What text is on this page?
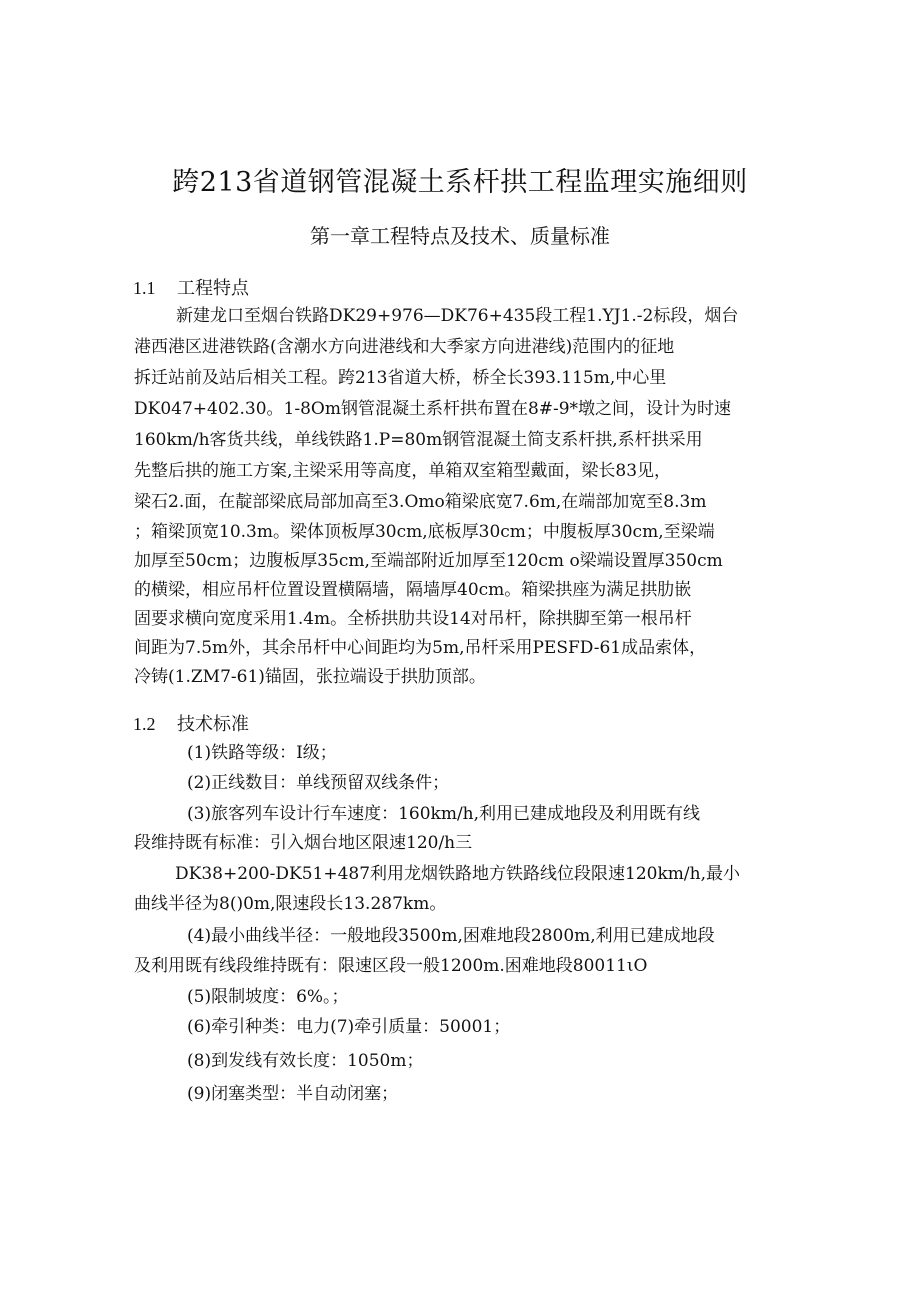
跨213省道钢管混凝土系杆拱工程监理实施细则
第一章工程特点及技术、质量标准
1.1 工程特点
新建龙口至烟台铁路DK29+976—DK76+435段工程1.YJ1.-2标段，烟台
港西港区进港铁路(含潮水方向进港线和大季家方向进港线)范围内的征地
拆迁站前及站后相关工程。跨213省道大桥，桥全长393.115m,中心里
DK047+402.30。1-8Om钢管混凝土系杆拱布置在8#-9*墩之间，设计为时速
160km∕h客货共线，单线铁路1.P=80m钢管混凝土简支系杆拱,系杆拱采用
先整后拱的施工方案,主梁采用等高度，单箱双室箱型戴面，梁长83见，
梁石2.面，在靛部梁底局部加高至3.Omo箱梁底宽7.6m,在端部加宽至8.3m
；箱梁顶宽10.3m。梁体顶板厚30cm,底板厚30cm；中腹板厚30cm,至梁端
加厚至50cm；边腹板厚35cm,至端部附近加厚至120cm o梁端设置厚350cm
的横梁，相应吊杆位置设置横隔墙，隔墙厚40cm。箱梁拱座为满足拱肋嵌
固要求横向宽度采用1.4m。全桥拱肋共设14对吊杆，除拱脚至第一根吊杆
间距为7.5m外，其余吊杆中心间距均为5m,吊杆采用PESFD-61成品索体，
冷铸(1.ZM7-61)锚固，张拉端设于拱肋顶部。
1.2 技术标准
(1)铁路等级：I级；
(2)正线数目：单线预留双线条件；
(3)旅客列车设计行车速度：160km∕h,利用已建成地段及利用既有线
段维持既有标准：引入烟台地区限速120∕h三
DK38+200-DK51+487利用龙烟铁路地方铁路线位段限速120km∕h,最小
曲线半径为8()0m,限速段长13.287km。
(4)最小曲线半径：一般地段3500m,困难地段2800m,利用已建成地段
及利用既有线段维持既有：限速区段一般1200m.困难地段80011ιO
(5)限制坡度：6%。；
(6)牵引种类：电力(7)牵引质量：50001；
(8)到发线有效长度：1050m；
(9)闭塞类型：半自动闭塞；
